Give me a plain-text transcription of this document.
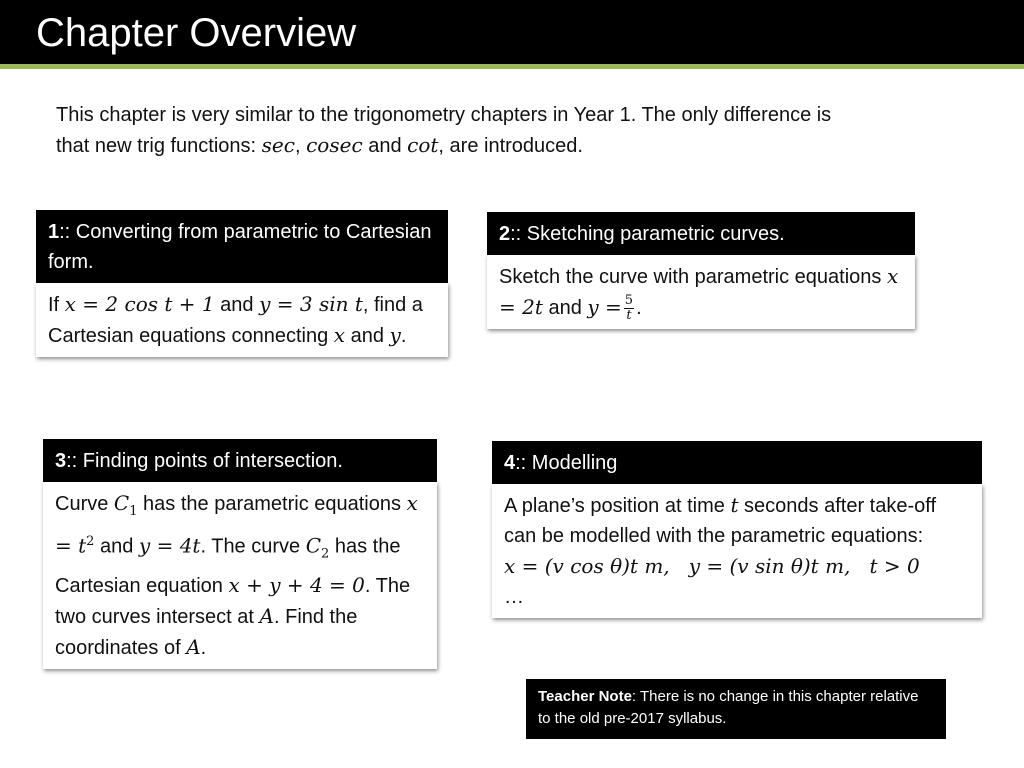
Chapter Overview
This chapter is very similar to the trigonometry chapters in Year 1. The only difference is that new trig functions: sec, cosec and cot, are introduced.
1:: Converting from parametric to Cartesian form.
If x = 2 cos t + 1 and y = 3 sin t, find a Cartesian equations connecting x and y.
2:: Sketching parametric curves.
Sketch the curve with parametric equations x = 2t and $y = \frac{5}{t}$ .
3:: Finding points of intersection.
Curve $C_1$ has the parametric equations $x = t^2$ and y = 4t. The curve $C_2$ has the Cartesian equation x + y + 4 = 0. The two curves intersect at A. Find the coordinates of A.
4:: Modelling
A plane’s position at time t seconds after take-off can be modelled with the parametric equations:
x = (v cos θ)t m,   y = (v sin θ)t m,   t > 0
…
Teacher Note: There is no change in this chapter relative to the old pre-2017 syllabus.
